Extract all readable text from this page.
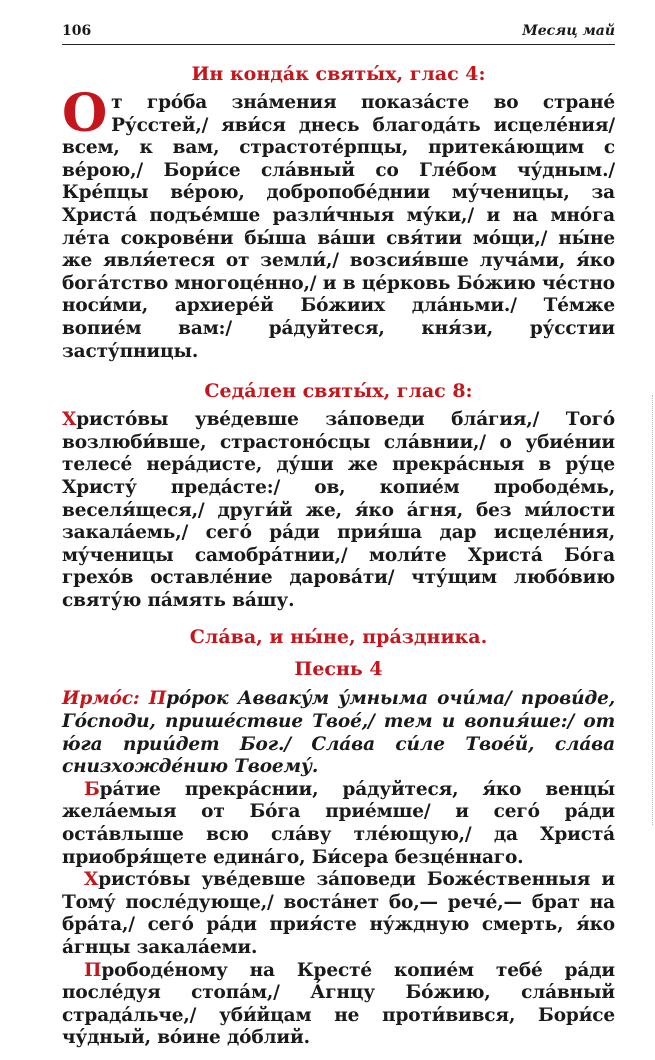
106	Месяц май

Ин конда́к святы́х, глас 4:

От гро́ба зна́мения показа́сте во стране́ Ру́сстей,/ яви́ся днесь благода́ть исцеле́ния/ всем, к вам, страстоте́рпцы, притека́ющим с ве́рою,/ Бори́се сла́вный со Гле́бом чу́дным./ Кре́пцы ве́рою, добропобе́днии му́ченицы, за Христа́ подъе́мше разли́чныя му́ки,/ и на мно́га ле́та сокрове́ни бы́ша ва́ши свя́тии мо́щи,/ ны́не же явля́етеся от земли́,/ возсия́вше луча́ми, я́ко бога́тство многоце́нно,/ и в це́рковь Бо́жию че́стно носи́ми, архиере́й Бо́жиих дла́ньми./ Те́мже вопие́м вам:/ ра́дуйтеся, кня́зи, ру́сстии засту́пницы.

Седа́лен святы́х, глас 8:

Христо́вы уве́девше за́поведи бла́гия,/ Того́ возлюби́вше, страстоно́сцы сла́внии,/ о убие́нии телесе́ нера́дисте, ду́ши же прекра́сныя в ру́це Христу́ преда́сте:/ ов, копие́м прободе́мь, веселя́щеся,/ други́й же, я́ко а́гня, без ми́лости закала́емь,/ сего́ ра́ди прия́ша дар исцеле́ния, му́ченицы самобра́тнии,/ моли́те Христа́ Бо́га грехо́в оставле́ние дарова́ти/ чту́щим любо́вию святу́ю па́мять ва́шу.

Сла́ва, и ны́не, пра́здника.

Песнь 4

Ирмо́с: Про́рок Авваку́м у́мныма очи́ма/ прови́де, Го́споди, прише́ствие Твое́,/ тем и вопия́ше:/ от ю́га прии́дет Бог./ Сла́ва си́ле Твое́й, сла́ва снизхожде́нию Твоему́.

Бра́тие прекра́снии, ра́дуйтеся, я́ко венцы́ жела́емыя от Бо́га прие́мше/ и сего́ ра́ди оста́влыше всю сла́ву тле́ющую,/ да Христа́ приобря́щете едина́го, Би́сера безце́ннаго.

Христо́вы уве́девше за́поведи Боже́ственныя и Тому́ после́дующе,/ воста́нет бо,— рече́,— брат на бра́та,/ сего́ ра́ди прия́сте ну́ждную смерть, я́ко а́гнцы закала́еми.

Прободе́ному на Кресте́ копие́м тебе́ ра́ди после́дуя стопа́м,/ А́гнцу Бо́жию, сла́вный страда́льче,/ уби́йцам не проти́вився, Бори́се чу́дный, во́ине до́блий.
